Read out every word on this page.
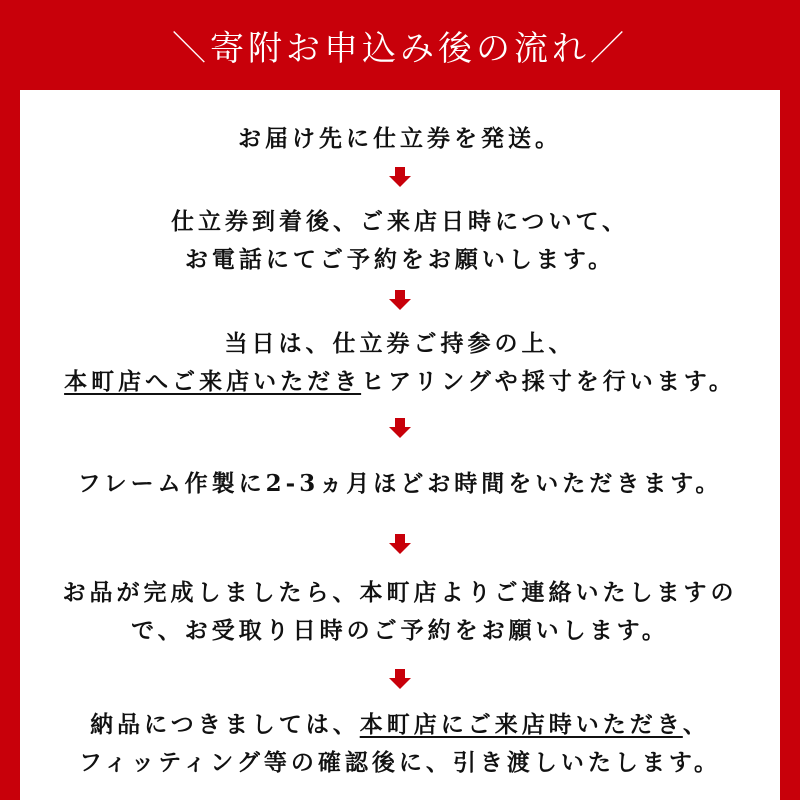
＼寄附お申込み後の流れ／
お届け先に仕立券を発送。
仕立券到着後、ご来店日時について、
お電話にてご予約をお願いします。
当日は、仕立券ご持参の上、
本町店へご来店いただきヒアリングや採寸を行います。
フレーム作製に2-3ヵ月ほどお時間をいただきます。
お品が完成しましたら、本町店よりご連絡いたしますの
で、お受取り日時のご予約をお願いします。
納品につきましては、本町店にご来店時いただき、
フィッティング等の確認後に、引き渡しいたします。
